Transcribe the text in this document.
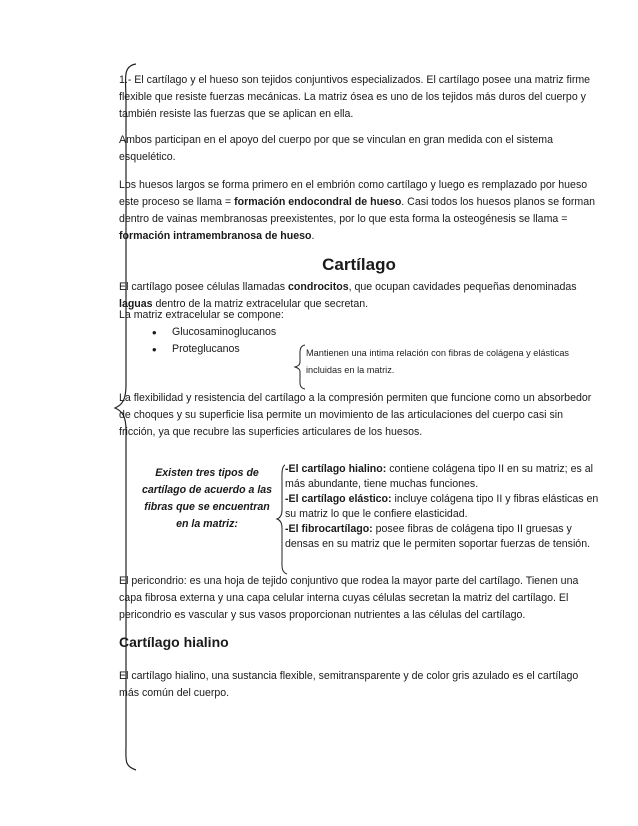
1.- El cartílago y el hueso son tejidos conjuntivos especializados. El cartílago posee una matriz firme flexible que resiste fuerzas mecánicas. La matriz ósea es uno de los tejidos más duros del cuerpo y también resiste las fuerzas que se aplican en ella.

Ambos participan en el apoyo del cuerpo por que se vinculan en gran medida con el sistema esquelético.

Los huesos largos se forma primero en el embrión como cartílago y luego es remplazado por hueso este proceso se llama = formación endocondral de hueso. Casi todos los huesos planos se forman dentro de vainas membranosas preexistentes, por lo que esta forma la osteogénesis se llama = formación intramembranosa de hueso.

Cartílago

El cartílago posee células llamadas condrocitos, que ocupan cavidades pequeñas denominadas laguas dentro de la matriz extracelular que secretan.

La matriz extracelular se compone:

• Glucosaminoglucanos
• Proteglucanos	Mantienen una intima relación con fibras de colágena y elásticas incluidas en la matriz.

La flexibilidad y resistencia del cartílago a la compresión permiten que funcione como un absorbedor de choques y su superficie lisa permite un movimiento de las articulaciones del cuerpo casi sin fricción, ya que recubre las superficies articulares de los huesos.

Existen tres tipos de cartílago de acuerdo a las fibras que se encuentran en la matriz:

-El cartílago hialino: contiene colágena tipo II en su matriz; es al más abundante, tiene muchas funciones.
-El cartílago elástico: incluye colágena tipo II y fibras elásticas en su matriz lo que le confiere elasticidad.
-El fibrocartílago: posee fibras de colágena tipo II gruesas y densas en su matriz que le permiten soportar fuerzas de tensión.

El pericondrio: es una hoja de tejido conjuntivo que rodea la mayor parte del cartílago. Tienen una capa fibrosa externa y una capa celular interna cuyas células secretan la matriz del cartílago. El pericondrio es vascular y sus vasos proporcionan nutrientes a las células del cartílago.

Cartílago hialino

El cartílago hialino, una sustancia flexible, semitransparente y de color gris azulado es el cartílago más común del cuerpo.
